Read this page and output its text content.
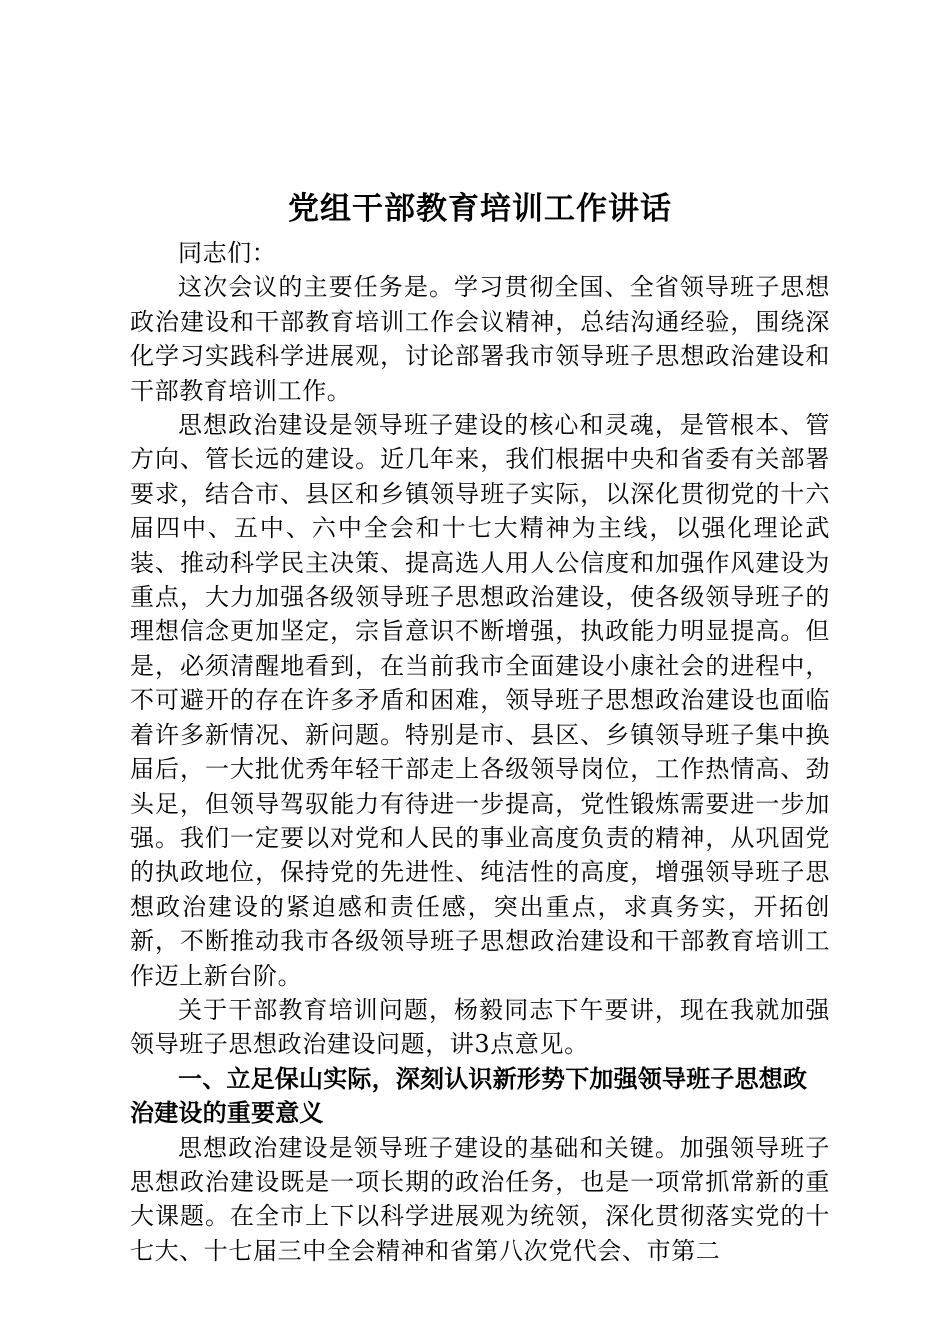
党组干部教育培训工作讲话

同志们：

这次会议的主要任务是。学习贯彻全国、全省领导班子思想政治建设和干部教育培训工作会议精神，总结沟通经验，围绕深化学习实践科学进展观，讨论部署我市领导班子思想政治建设和干部教育培训工作。

思想政治建设是领导班子建设的核心和灵魂，是管根本、管方向、管长远的建设。近几年来，我们根据中央和省委有关部署要求，结合市、县区和乡镇领导班子实际，以深化贯彻党的十六届四中、五中、六中全会和十七大精神为主线，以强化理论武装、推动科学民主决策、提高选人用人公信度和加强作风建设为重点，大力加强各级领导班子思想政治建设，使各级领导班子的理想信念更加坚定，宗旨意识不断增强，执政能力明显提高。但是，必须清醒地看到，在当前我市全面建设小康社会的进程中，不可避开的存在许多矛盾和困难，领导班子思想政治建设也面临着许多新情况、新问题。特别是市、县区、乡镇领导班子集中换届后，一大批优秀年轻干部走上各级领导岗位，工作热情高、劲头足，但领导驾驭能力有待进一步提高，党性锻炼需要进一步加强。我们一定要以对党和人民的事业高度负责的精神，从巩固党的执政地位，保持党的先进性、纯洁性的高度，增强领导班子思想政治建设的紧迫感和责任感，突出重点，求真务实，开拓创新，不断推动我市各级领导班子思想政治建设和干部教育培训工作迈上新台阶。

关于干部教育培训问题，杨毅同志下午要讲，现在我就加强领导班子思想政治建设问题，讲3点意见。

一、立足保山实际，深刻认识新形势下加强领导班子思想政治建设的重要意义

思想政治建设是领导班子建设的基础和关键。加强领导班子思想政治建设既是一项长期的政治任务，也是一项常抓常新的重大课题。在全市上下以科学进展观为统领，深化贯彻落实党的十七大、十七届三中全会精神和省第八次党代会、市第二
